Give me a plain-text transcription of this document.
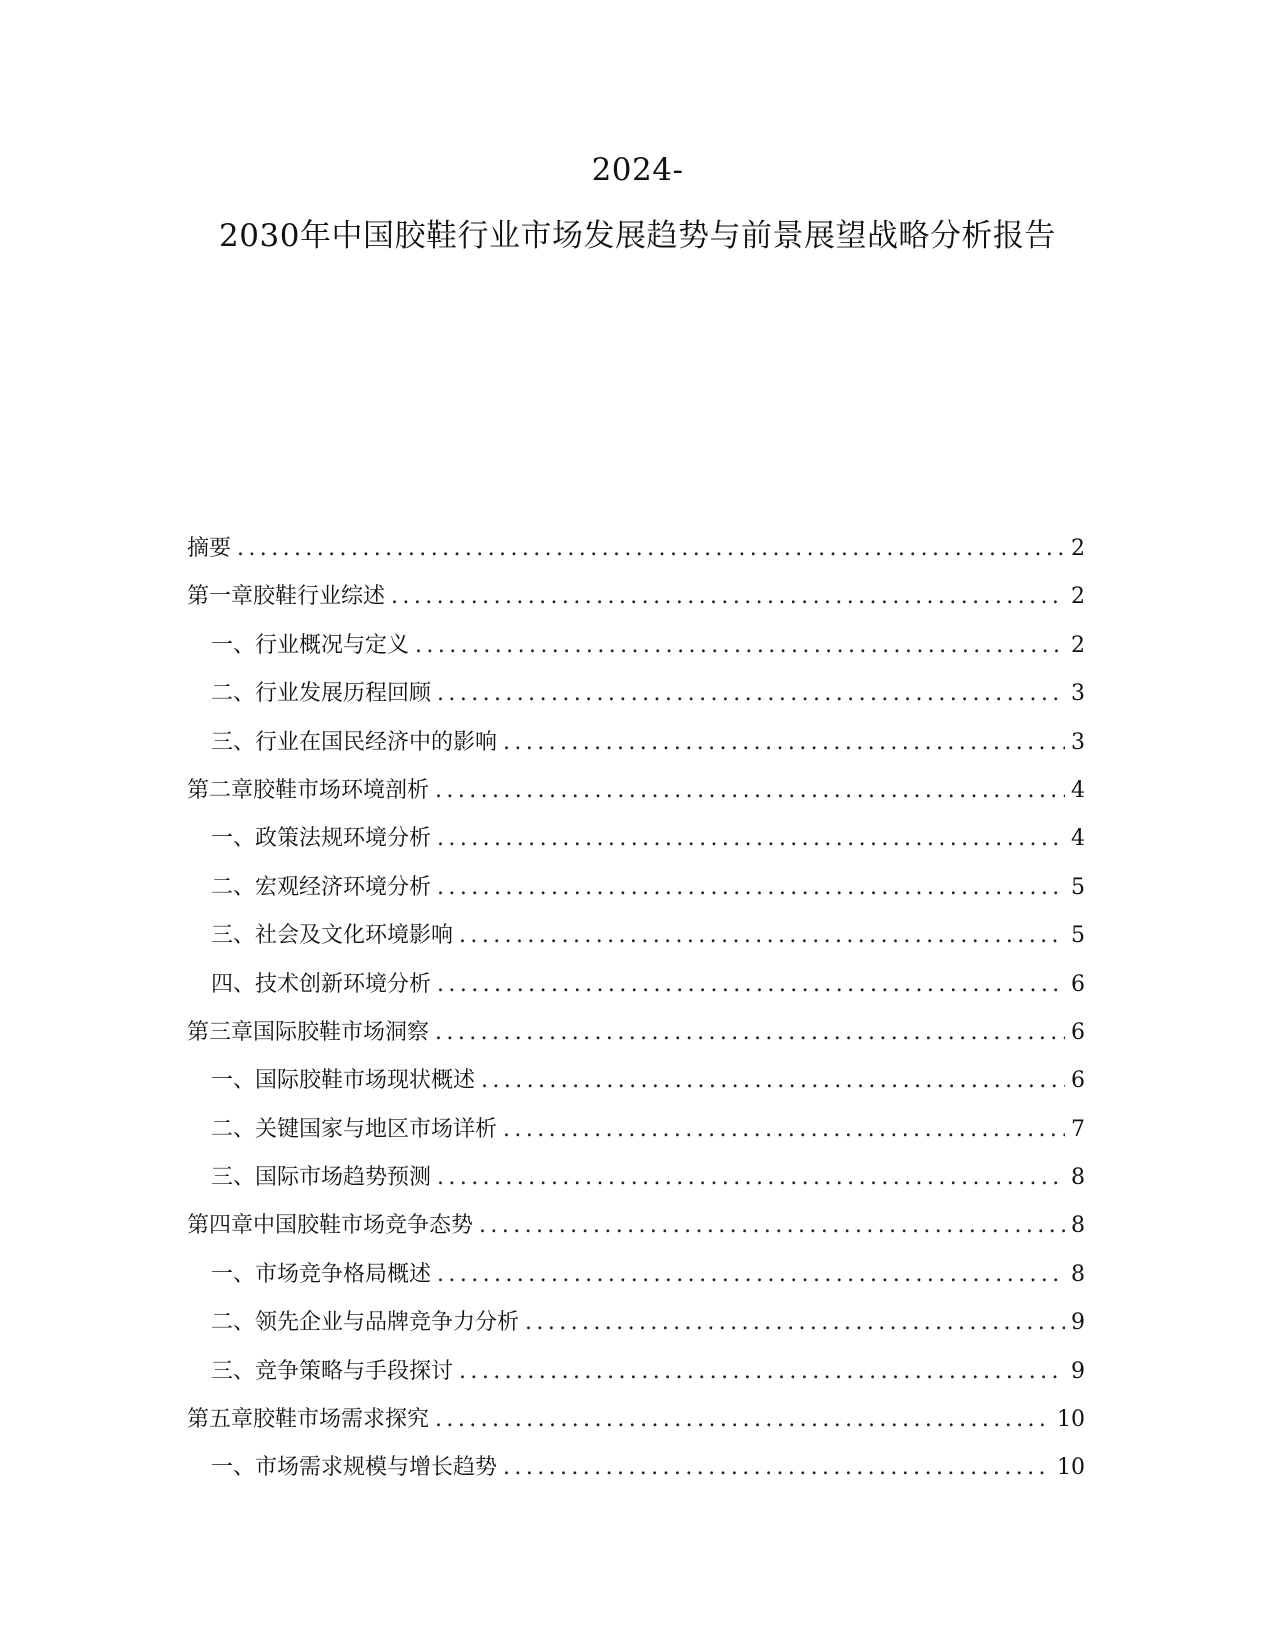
2024-
2030年中国胶鞋行业市场发展趋势与前景展望战略分析报告
摘要 .....	2
第一章 胶鞋行业综述 .....	2
一、 行业概况与定义 .....	2
二、 行业发展历程回顾 .....	3
三、 行业在国民经济中的影响 .....	3
第二章 胶鞋市场环境剖析 .....	4
一、 政策法规环境分析 .....	4
二、 宏观经济环境分析 .....	5
三、 社会及文化环境影响 .....	5
四、 技术创新环境分析 .....	6
第三章 国际胶鞋市场洞察 .....	6
一、 国际胶鞋市场现状概述 .....	6
二、 关键国家与地区市场详析 .....	7
三、 国际市场趋势预测 .....	8
第四章 中国胶鞋市场竞争态势 .....	8
一、 市场竞争格局概述 .....	8
二、 领先企业与品牌竞争力分析 .....	9
三、 竞争策略与手段探讨 .....	9
第五章 胶鞋市场需求探究 .....	10
一、 市场需求规模与增长趋势 .....	10
